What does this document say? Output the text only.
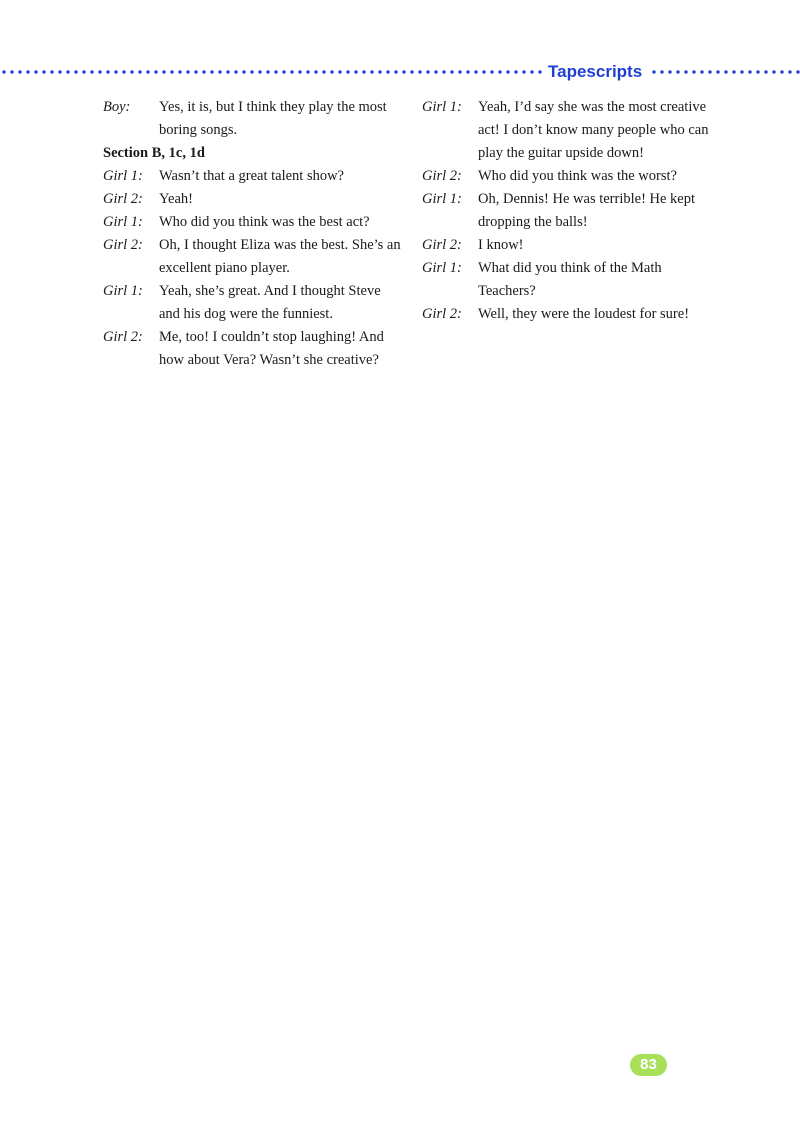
Tapescripts
Boy:	Yes, it is, but I think they play the most boring songs.
Section B, 1c, 1d
Girl 1:	Wasn’t that a great talent show?
Girl 2:	Yeah!
Girl 1:	Who did you think was the best act?
Girl 2:	Oh, I thought Eliza was the best. She’s an excellent piano player.
Girl 1:	Yeah, she’s great. And I thought Steve and his dog were the funniest.
Girl 2:	Me, too! I couldn’t stop laughing! And how about Vera? Wasn’t she creative?
Girl 1:	Yeah, I’d say she was the most creative act! I don’t know many people who can play the guitar upside down!
Girl 2:	Who did you think was the worst?
Girl 1:	Oh, Dennis! He was terrible! He kept dropping the balls!
Girl 2:	I know!
Girl 1:	What did you think of the Math Teachers?
Girl 2:	Well, they were the loudest for sure!
83
